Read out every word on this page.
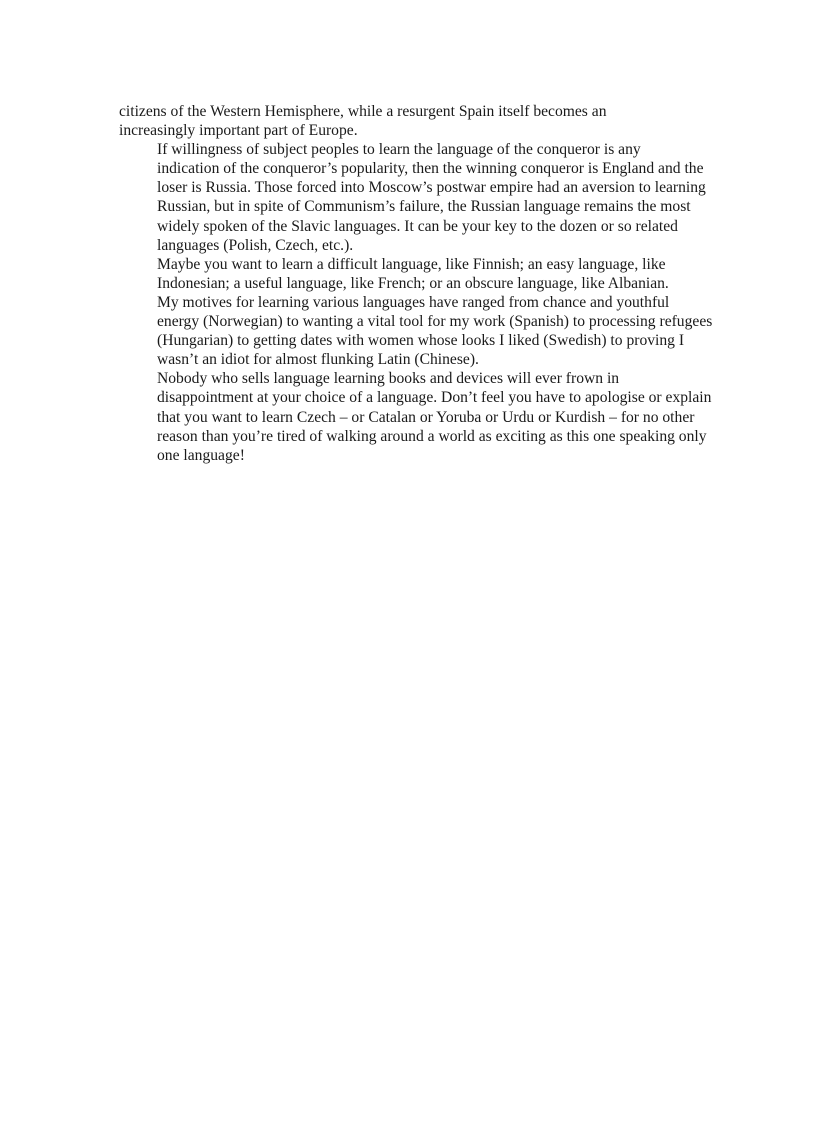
citizens of the Western Hemisphere, while a resurgent Spain itself becomes an
increasingly important part of Europe.

If willingness of subject peoples to learn the language of the conqueror is any
indication of the conqueror’s popularity, then the winning conqueror is England and the
loser is Russia. Those forced into Moscow’s postwar empire had an aversion to learning
Russian, but in spite of Communism’s failure, the Russian language remains the most
widely spoken of the Slavic languages. It can be your key to the dozen or so related
languages (Polish, Czech, etc.).

Maybe you want to learn a difficult language, like Finnish; an easy language, like
Indonesian; a useful language, like French; or an obscure language, like Albanian.

My motives for learning various languages have ranged from chance and youthful
energy (Norwegian) to wanting a vital tool for my work (Spanish) to processing refugees
(Hungarian) to getting dates with women whose looks I liked (Swedish) to proving I
wasn’t an idiot for almost flunking Latin (Chinese).

Nobody who sells language learning books and devices will ever frown in
disappointment at your choice of a language. Don’t feel you have to apologise or explain
that you want to learn Czech – or Catalan or Yoruba or Urdu or Kurdish – for no other
reason than you’re tired of walking around a world as exciting as this one speaking only
one language!
